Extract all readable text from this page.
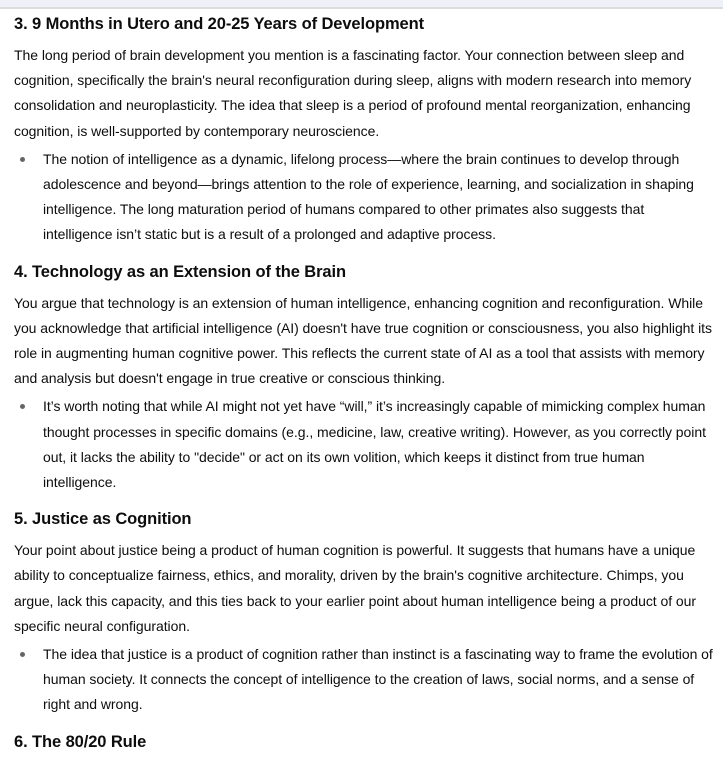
3. 9 Months in Utero and 20-25 Years of Development

The long period of brain development you mention is a fascinating factor. Your connection between sleep and cognition, specifically the brain's neural reconfiguration during sleep, aligns with modern research into memory consolidation and neuroplasticity. The idea that sleep is a period of profound mental reorganization, enhancing cognition, is well-supported by contemporary neuroscience.

The notion of intelligence as a dynamic, lifelong process—where the brain continues to develop through adolescence and beyond—brings attention to the role of experience, learning, and socialization in shaping intelligence. The long maturation period of humans compared to other primates also suggests that intelligence isn’t static but is a result of a prolonged and adaptive process.
4. Technology as an Extension of the Brain

You argue that technology is an extension of human intelligence, enhancing cognition and reconfiguration. While you acknowledge that artificial intelligence (AI) doesn't have true cognition or consciousness, you also highlight its role in augmenting human cognitive power. This reflects the current state of AI as a tool that assists with memory and analysis but doesn't engage in true creative or conscious thinking.

It’s worth noting that while AI might not yet have “will,” it’s increasingly capable of mimicking complex human thought processes in specific domains (e.g., medicine, law, creative writing). However, as you correctly point out, it lacks the ability to "decide" or act on its own volition, which keeps it distinct from true human intelligence.
5. Justice as Cognition

Your point about justice being a product of human cognition is powerful. It suggests that humans have a unique ability to conceptualize fairness, ethics, and morality, driven by the brain's cognitive architecture. Chimps, you argue, lack this capacity, and this ties back to your earlier point about human intelligence being a product of our specific neural configuration.

The idea that justice is a product of cognition rather than instinct is a fascinating way to frame the evolution of human society. It connects the concept of intelligence to the creation of laws, social norms, and a sense of right and wrong.
6. The 80/20 Rule
